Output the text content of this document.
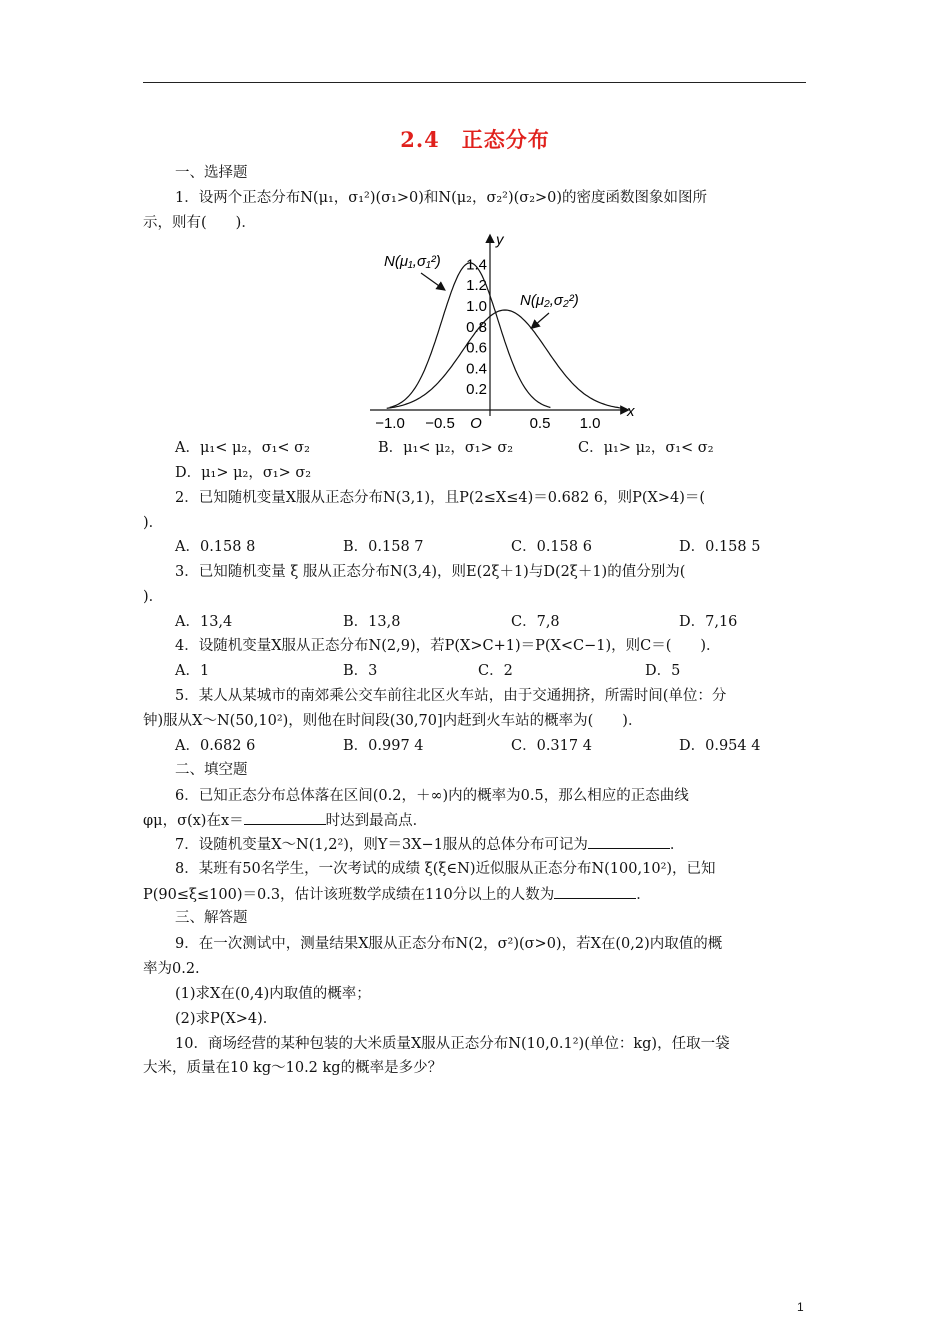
2.4　正态分布
一、选择题
1．设两个正态分布N(μ₁，σ₁²)(σ₁>0)和N(μ₂，σ₂²)(σ₂>0)的密度函数图象如图所
示，则有(　　)．
−1.0 −0.5 O	0.5 1.0
0.2
0.4
0.6
0.8
1.0
1.2
1.4
x
y
N(μ₁,σ₁²)
N(μ₂,σ₂²)
A．μ₁< μ₂，σ₁< σ₂	B．μ₁< μ₂，σ₁> σ₂	C．μ₁> μ₂，σ₁< σ₂
D．μ₁> μ₂，σ₁> σ₂
2．已知随机变量X服从正态分布N(3,1)，且P(2≤X≤4)＝0.682 6，则P(X>4)＝(
)．
A．0.158 8	B．0.158 7	C．0.158 6	D．0.158 5
3．已知随机变量 ξ 服从正态分布N(3,4)，则E(2ξ＋1)与D(2ξ＋1)的值分别为(
)．
A．13,4	B．13,8	C．7,8	D．7,16
4．设随机变量X服从正态分布N(2,9)，若P(X>C+1)＝P(X<C−1)，则C＝(　　)．
A．1	B．3	C．2	D．5
5．某人从某城市的南郊乘公交车前往北区火车站，由于交通拥挤，所需时间(单位：分
钟)服从X～N(50,10²)，则他在时间段(30,70]内赶到火车站的概率为(　　)．
A．0.682 6	B．0.997 4	C．0.317 4	D．0.954 4
二、填空题
6．已知正态分布总体落在区间(0.2，＋∞)内的概率为0.5，那么相应的正态曲线
φμ，σ(x)在x＝	时达到最高点．
7．设随机变量X～N(1,2²)，则Y＝3X−1服从的总体分布可记为	．
8．某班有50名学生，一次考试的成绩 ξ(ξ∈N)近似服从正态分布N(100,10²)，已知
P(90≤ξ≤100)＝0.3，估计该班数学成绩在110分以上的人数为	．
三、解答题
9．在一次测试中，测量结果X服从正态分布N(2，σ²)(σ>0)，若X在(0,2)内取值的概
率为0.2.
(1)求X在(0,4)内取值的概率；
(2)求P(X>4)．
10．商场经营的某种包装的大米质量X服从正态分布N(10,0.1²)(单位：kg)，任取一袋
大米，质量在10 kg～10.2 kg的概率是多少？
1
